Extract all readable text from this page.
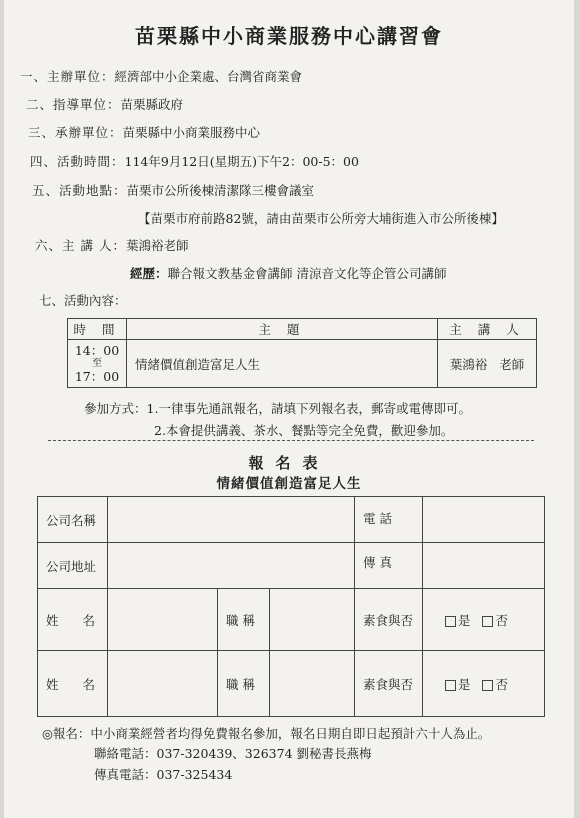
苗栗縣中小商業服務中心講習會
一、主辦單位：經濟部中小企業處、台灣省商業會
二、指導單位：苗栗縣政府
三、承辦單位：苗栗縣中小商業服務中心
四、活動時間：114年9月12日(星期五)下午2：00-5：00
五、活動地點：苗栗市公所後棟清潔隊三樓會議室
【苗栗市府前路82號，請由苗栗市公所旁大埔街進入市公所後棟】
六、主 講 人：葉鴻裕老師
經歷：聯合報文教基金會講師 清涼音文化等企管公司講師
七、活動內容：
時 間	主 題	主 講 人

14：00
至
17：00	情緒價值創造富足人生	葉鴻裕 老師
參加方式：1.一律事先通訊報名，請填下列報名表，郵寄或電傳即可。
2.本會提供講義、茶水、餐點等完全免費，歡迎參加。
報名表
情緒價值創造富足人生
公司名稱				電 話	
公司地址				傳 真	
姓 名		職 稱		素食與否	是 否
姓 名		職 稱		素食與否	是 否
◎報名：中小商業經營者均得免費報名參加，報名日期自即日起預計六十人為止。
聯絡電話：037-320439、326374 劉秘書長燕梅
傳真電話：037-325434
